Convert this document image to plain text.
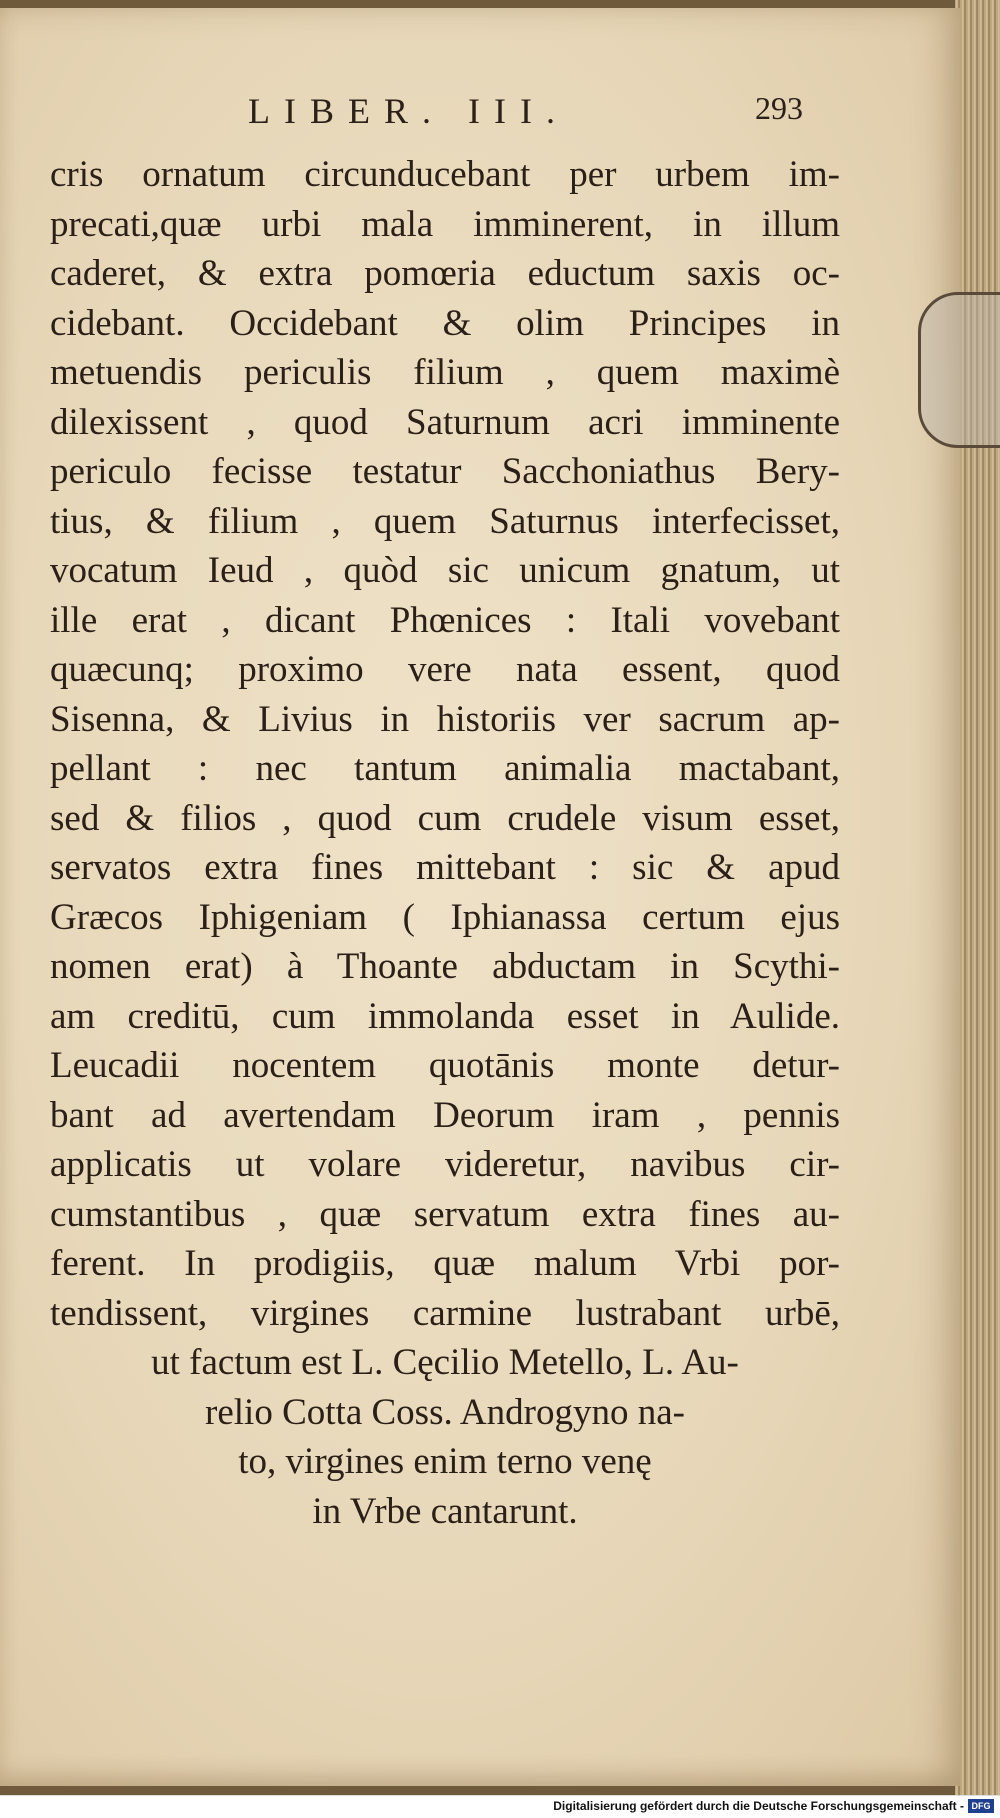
LIBER. III.	293
cris ornatum circunducebant per urbem im-
precati,quæ urbi mala imminerent, in illum
caderet, & extra pomœria eductum saxis oc-
cidebant. Occidebant & olim Principes in
metuendis periculis filium , quem maximè
dilexissent , quod Saturnum acri imminente
periculo fecisse testatur Sacchoniathus Bery-
tius, & filium , quem Saturnus interfecisset,
vocatum Ieud , quòd sic unicum gnatum, ut
ille erat , dicant Phœnices : Itali vovebant
quæcunq; proximo vere nata essent, quod
Sisenna, & Livius in historiis ver sacrum ap-
pellant : nec tantum animalia mactabant,
sed & filios , quod cum crudele visum esset,
servatos extra fines mittebant : sic & apud
Græcos Iphigeniam ( Iphianassa certum ejus
nomen erat) à Thoante abductam in Scythi-
am creditū, cum immolanda esset in Aulide.
Leucadii nocentem quotānis monte detur-
bant ad avertendam Deorum iram , pennis
applicatis ut volare videretur, navibus cir-
cumstantibus , quæ servatum extra fines au-
ferent. In prodigiis, quæ malum Vrbi por-
tendissent, virgines carmine lustrabant urbē,
ut factum est L. Cęcilio Metello, L. Au-
relio Cotta Coss. Androgyno na-
to, virgines enim terno venę
in Vrbe cantarunt.
Digitalisierung gefördert durch die Deutsche Forschungsgemeinschaft - DFG
